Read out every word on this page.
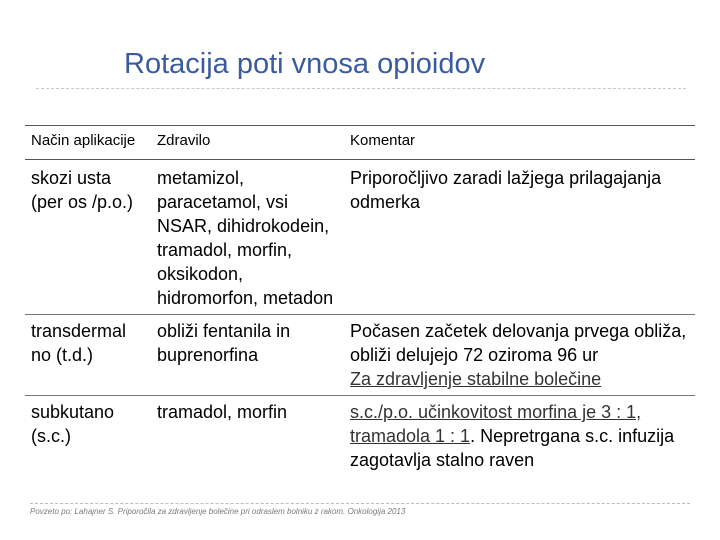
Rotacija poti vnosa opioidov
Način aplikacije	Zdravilo	Komentar
skozi usta (per os /p.o.)	metamizol, paracetamol, vsi NSAR, dihidrokodein, tramadol, morfin, oksikodon, hidromorfon, metadon	Priporočljivo zaradi lažjega prilagajanja odmerka
transdermal no (t.d.)	obliži fentanila in buprenorfina	Počasen začetek delovanja prvega obliža, obliži delujejo 72 oziroma 96 ur
Za zdravljenje stabilne bolečine
subkutano (s.c.)	tramadol, morfin	s.c./p.o. učinkovitost morfina je 3 : 1, tramadola 1 : 1. Nepretrgana s.c. infuzija zagotavlja stalno raven
Povzeto po: Lahajner S. Priporočila za zdravljenje bolečine pri odraslem bolniku z rakom. Onkologija 2013
